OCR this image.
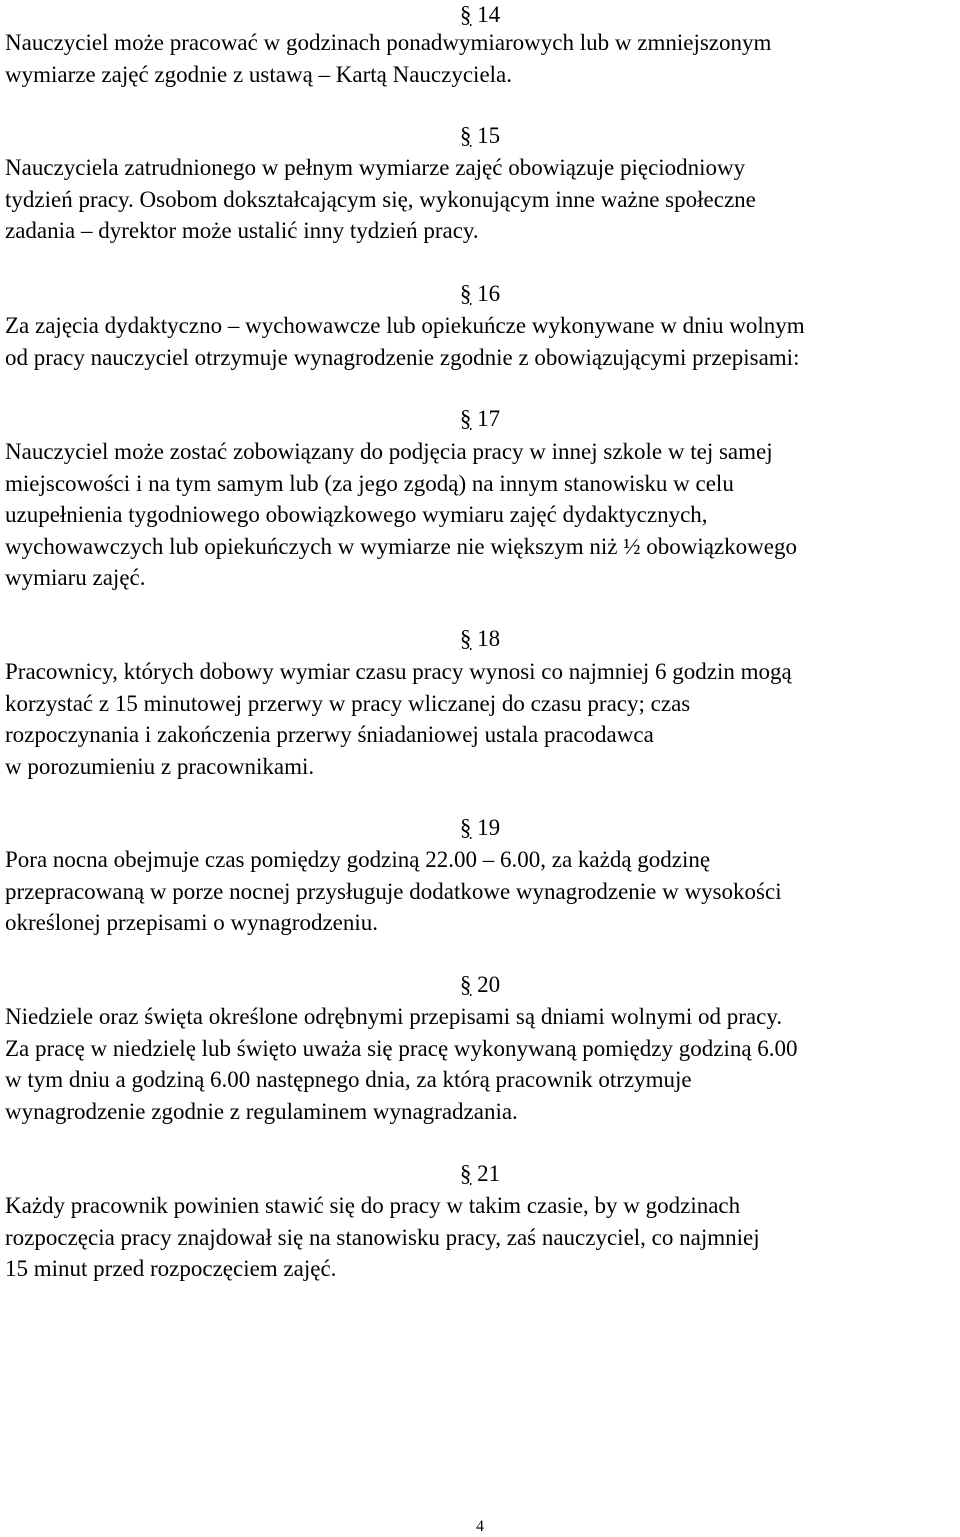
§ 14
Nauczyciel może pracować w godzinach ponadwymiarowych lub w zmniejszonym
wymiarze zajęć zgodnie z ustawą – Kartą Nauczyciela.
§ 15
Nauczyciela zatrudnionego w pełnym wymiarze zajęć obowiązuje pięciodniowy
tydzień pracy. Osobom dokształcającym się, wykonującym inne ważne społeczne
zadania – dyrektor może ustalić inny tydzień pracy.
§ 16
Za zajęcia dydaktyczno – wychowawcze lub opiekuńcze wykonywane w dniu wolnym
od pracy nauczyciel otrzymuje wynagrodzenie zgodnie z obowiązującymi przepisami:
§ 17
Nauczyciel może zostać zobowiązany do podjęcia pracy w innej szkole w tej samej
miejscowości i na tym samym lub (za jego zgodą) na innym stanowisku w celu
uzupełnienia tygodniowego obowiązkowego wymiaru zajęć dydaktycznych,
wychowawczych lub opiekuńczych w wymiarze nie większym niż ½ obowiązkowego
wymiaru zajęć.
§ 18
Pracownicy, których dobowy wymiar czasu pracy wynosi co najmniej 6 godzin mogą
korzystać z 15 minutowej przerwy w pracy wliczanej do czasu pracy; czas
rozpoczynania i zakończenia przerwy śniadaniowej ustala pracodawca
w porozumieniu z pracownikami.
§ 19
Pora nocna obejmuje czas pomiędzy godziną 22.00 – 6.00, za każdą godzinę
przepracowaną w porze nocnej przysługuje dodatkowe wynagrodzenie w wysokości
określonej przepisami o wynagrodzeniu.
§ 20
Niedziele oraz święta określone odrębnymi przepisami są dniami wolnymi od pracy.
Za pracę w niedzielę lub święto uważa się pracę wykonywaną pomiędzy godziną 6.00
w tym dniu a godziną 6.00 następnego dnia, za którą pracownik otrzymuje
wynagrodzenie zgodnie z regulaminem wynagradzania.
§ 21
Każdy pracownik powinien stawić się do pracy w takim czasie, by w godzinach
rozpoczęcia pracy znajdował się na stanowisku pracy, zaś nauczyciel, co najmniej
15 minut przed rozpoczęciem zajęć.
4
